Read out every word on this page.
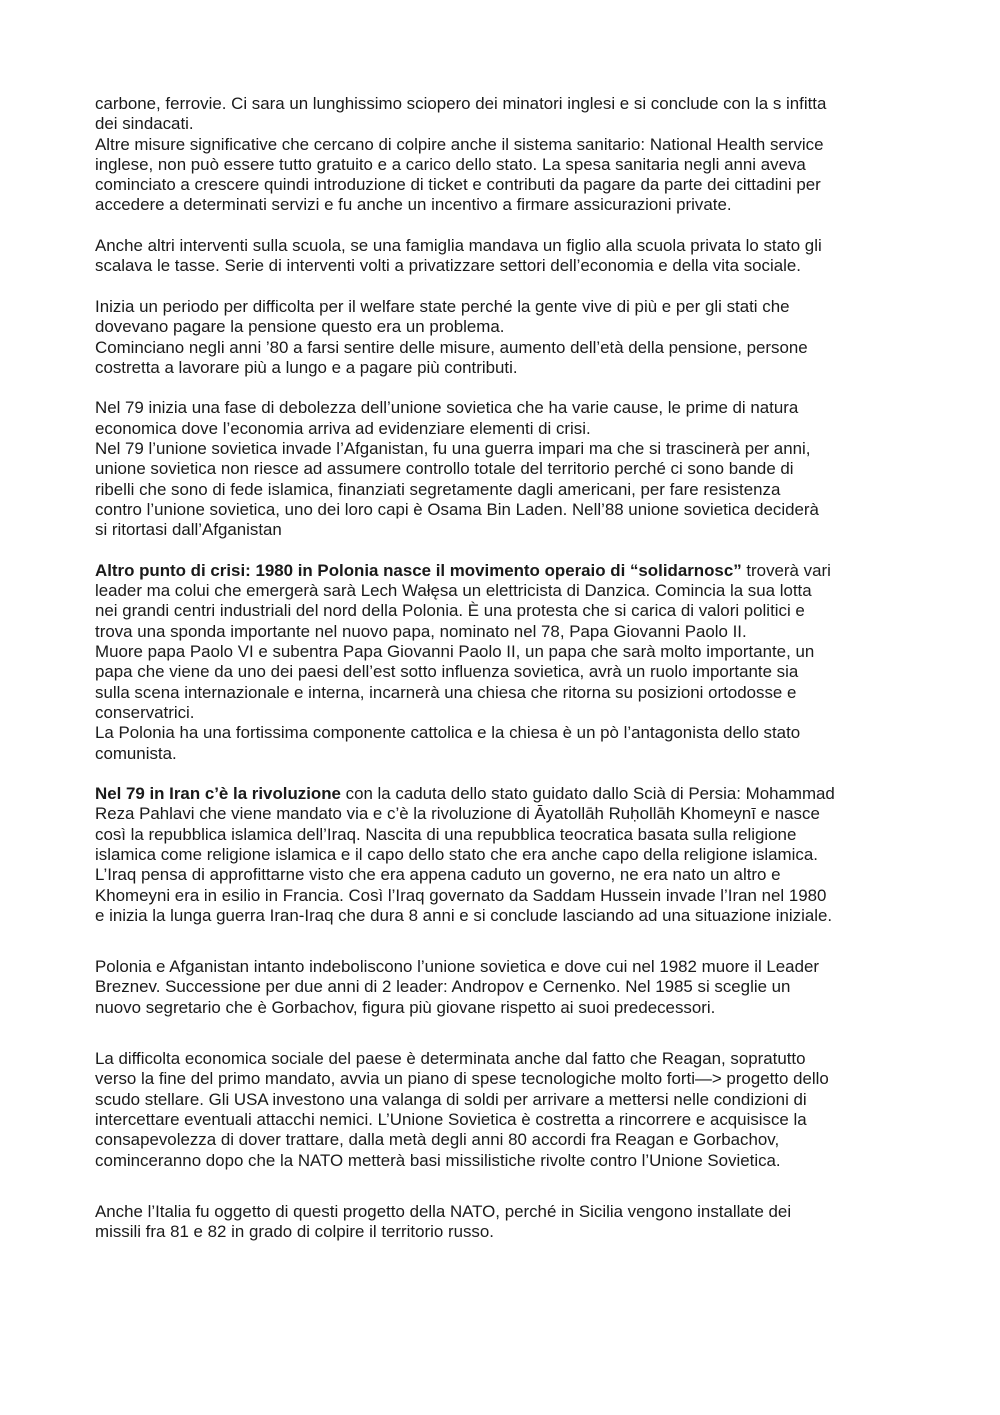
carbone, ferrovie. Ci sara un lunghissimo sciopero dei minatori inglesi e si conclude con la s infitta
dei sindacati.
Altre misure significative che cercano di colpire anche il sistema sanitario: National Health service
inglese, non può essere tutto gratuito e a carico dello stato. La spesa sanitaria negli anni aveva
cominciato a crescere quindi introduzione di ticket e contributi da pagare da parte dei cittadini per
accedere a determinati servizi e fu anche un incentivo a firmare assicurazioni private.

Anche altri interventi sulla scuola, se una famiglia mandava un figlio alla scuola privata lo stato gli
scalava le tasse. Serie di interventi volti a privatizzare settori dell’economia e della vita sociale.

Inizia un periodo per difficolta per il welfare state perché la gente vive di più e per gli stati che
dovevano pagare la pensione questo era un problema.
Cominciano negli anni ’80 a farsi sentire delle misure, aumento dell’età della pensione, persone
costretta a lavorare più a lungo e a pagare più contributi.

Nel 79 inizia una fase di debolezza dell’unione sovietica che ha varie cause, le prime di natura
economica dove l’economia arriva ad evidenziare elementi di crisi.
Nel 79 l’unione sovietica invade l’Afganistan, fu una guerra impari ma che si trascinerà per anni,
unione sovietica non riesce ad assumere controllo totale del territorio perché ci sono bande di
ribelli che sono di fede islamica, finanziati segretamente dagli americani, per fare resistenza
contro l’unione sovietica, uno dei loro capi è Osama Bin Laden. Nell’88 unione sovietica deciderà
si ritortasi dall’Afganistan

Altro punto di crisi: 1980 in Polonia nasce il movimento operaio di “solidarnosc” troverà vari
leader ma colui che emergerà sarà Lech Wałęsa un elettricista di Danzica. Comincia la sua lotta
nei grandi centri industriali del nord della Polonia. È una protesta che si carica di valori politici e
trova una sponda importante nel nuovo papa, nominato nel 78, Papa Giovanni Paolo II.
Muore papa Paolo VI e subentra Papa Giovanni Paolo II, un papa che sarà molto importante, un
papa che viene da uno dei paesi dell’est sotto influenza sovietica, avrà un ruolo importante sia
sulla scena internazionale e interna, incarnerà una chiesa che ritorna su posizioni ortodosse e
conservatrici.
La Polonia ha una fortissima componente cattolica e la chiesa è un pò l’antagonista dello stato
comunista.

Nel 79 in Iran c’è la rivoluzione con la caduta dello stato guidato dallo Scià di Persia: Mohammad
Reza Pahlavi che viene mandato via e c’è la rivoluzione di Āyatollāh Ruḥollāh Khomeynī e nasce
così la repubblica islamica dell’Iraq. Nascita di una repubblica teocratica basata sulla religione
islamica come religione islamica e il capo dello stato che era anche capo della religione islamica.
L’Iraq pensa di approfittarne visto che era appena caduto un governo, ne era nato un altro e
Khomeyni era in esilio in Francia. Così l’Iraq governato da Saddam Hussein invade l’Iran nel 1980
e inizia la lunga guerra Iran-Iraq che dura 8 anni e si conclude lasciando ad una situazione iniziale.

Polonia e Afganistan intanto indeboliscono l’unione sovietica e dove cui nel 1982 muore il Leader
Breznev. Successione per due anni di 2 leader: Andropov e Cernenko. Nel 1985 si sceglie un
nuovo segretario che è Gorbachov, figura più giovane rispetto ai suoi predecessori.

La difficolta economica sociale del paese è determinata anche dal fatto che Reagan, sopratutto
verso la fine del primo mandato, avvia un piano di spese tecnologiche molto forti—> progetto dello
scudo stellare. Gli USA investono una valanga di soldi per arrivare a mettersi nelle condizioni di
intercettare eventuali attacchi nemici. L’Unione Sovietica è costretta a rincorrere e acquisisce la
consapevolezza di dover trattare, dalla metà degli anni 80 accordi fra Reagan e Gorbachov,
cominceranno dopo che la NATO metterà basi missilistiche rivolte contro l’Unione Sovietica.

Anche l’Italia fu oggetto di questi progetto della NATO, perché in Sicilia vengono installate dei
missili fra 81 e 82 in grado di colpire il territorio russo.
